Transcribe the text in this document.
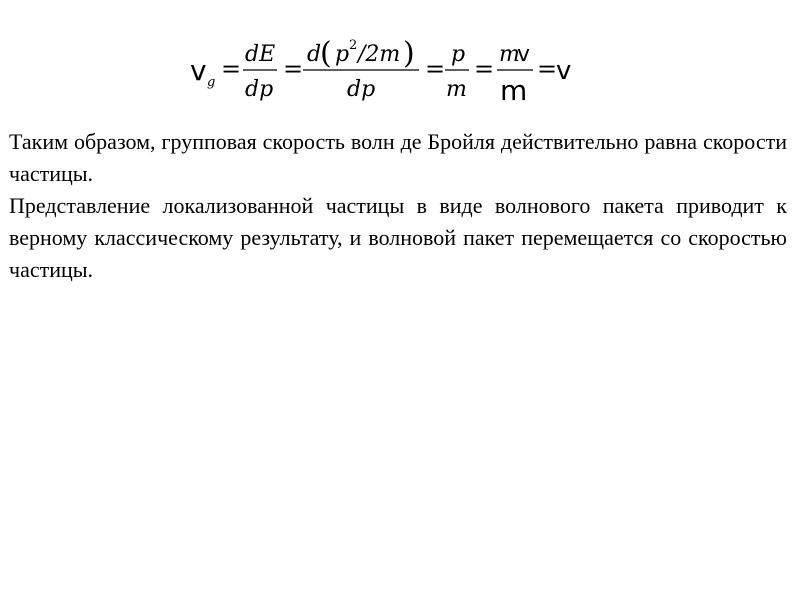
v g =
dE
dp
=
d
( p 2 /2m )
dp
=
p
m
=
m
v
m
=
v

Таким образом, групповая скорость волн де Бройля действительно равна скорости частицы.

Представление локализованной частицы в виде волнового пакета приводит к верному классическому результату, и волновой пакет перемещается со скоростью частицы.
